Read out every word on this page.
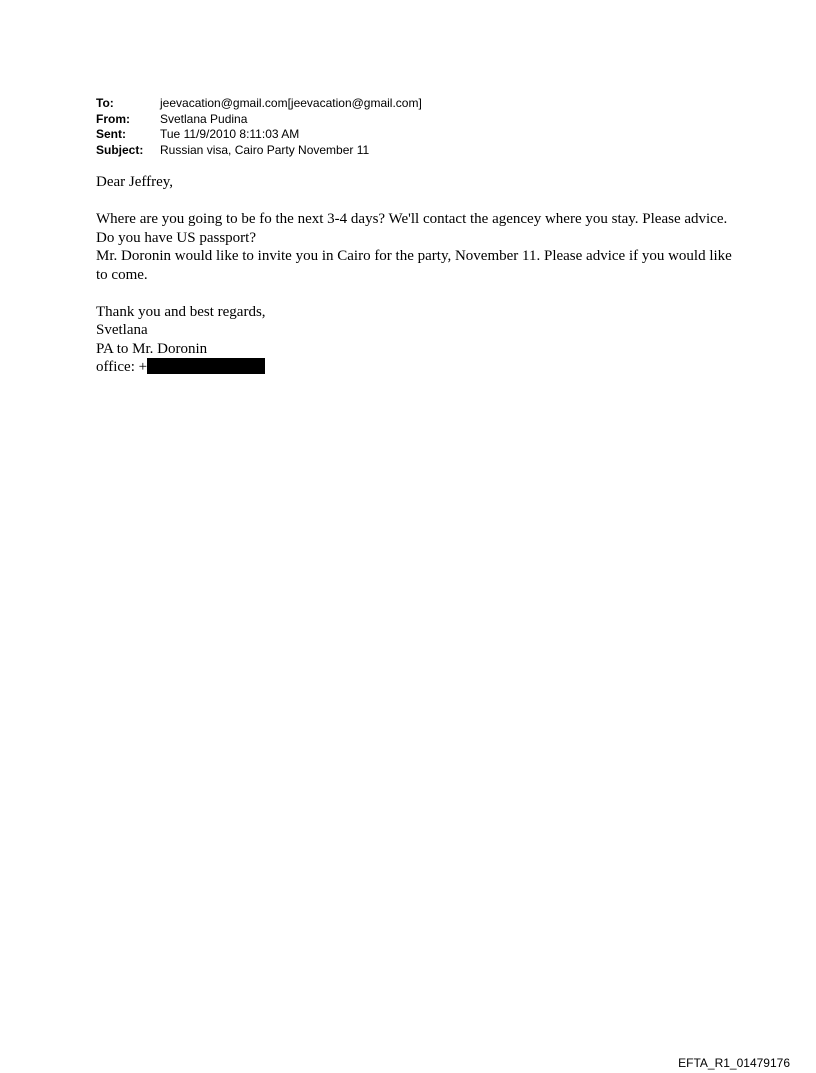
To:	jeevacation@gmail.com[jeevacation@gmail.com]
From:	Svetlana Pudina
Sent:	Tue 11/9/2010 8:11:03 AM
Subject:	Russian visa, Cairo Party November 11

Dear Jeffrey,

Where are you going to be fo the next 3-4 days? We'll contact the agencey where you stay. Please advice.

Do you have US passport?

Mr. Doronin would like to invite you in Cairo for the party, November 11. Please advice if you would like to come.

Thank you and best regards,

Svetlana

PA to Mr. Doronin

office: +

EFTA_R1_01479176
